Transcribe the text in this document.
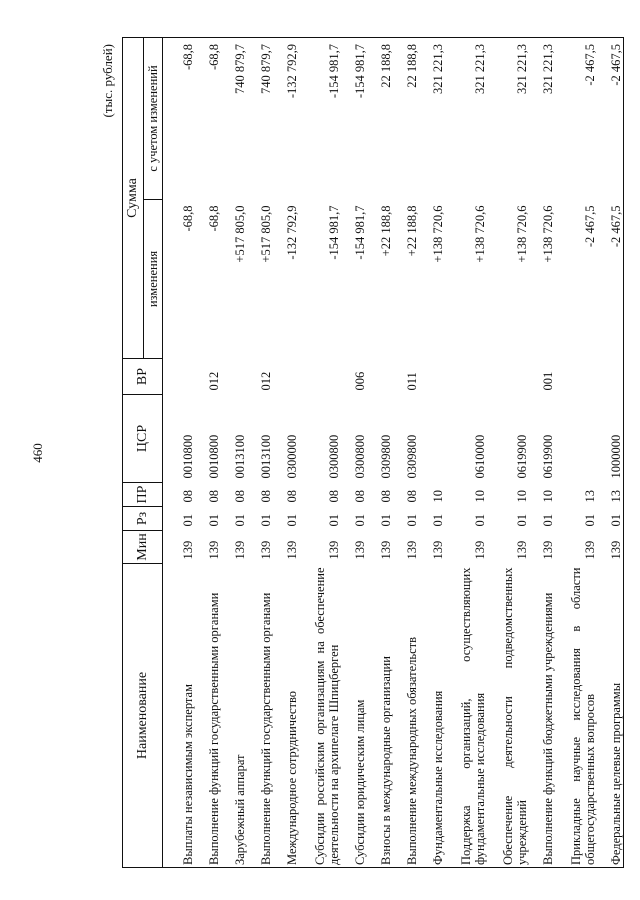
460
(тыс. рублей)
Наименование	Мин	Рз	ПР	ЦСР	ВР	Сумма	
						изменения	с учетом изменений
Выплаты независимым экспертам	139	01	08	0010800		-68,8	-68,8
Выполнение функций государственными органами	139	01	08	0010800	012	-68,8	-68,8
Зарубежный аппарат	139	01	08	0013100		+517 805,0	740 879,7
Выполнение функций государственными органами	139	01	08	0013100	012	+517 805,0	740 879,7
Международное сотрудничество	139	01	08	0300000		-132 792,9	-132 792,9
Субсидии российским организациям на обеспечение деятельности на архипелаге Шпицберген	139	01	08	0300800		-154 981,7	-154 981,7
Субсидии юридическим лицам	139	01	08	0300800	006	-154 981,7	-154 981,7
Взносы в международные организации	139	01	08	0309800		+22 188,8	22 188,8
Выполнение международных обязательств	139	01	08	0309800	011	+22 188,8	22 188,8
Фундаментальные исследования	139	01	10			+138 720,6	321 221,3
Поддержка организаций, осуществляющих фундаментальные исследования	139	01	10	0610000		+138 720,6	321 221,3
Обеспечение деятельности подведомственных учреждений	139	01	10	0619900		+138 720,6	321 221,3
Выполнение функций бюджетными учреждениями	139	01	10	0619900	001	+138 720,6	321 221,3
Прикладные научные исследования в области общегосударственных вопросов	139	01	13			-2 467,5	-2 467,5
Федеральные целевые программы	139	01	13	1000000		-2 467,5	-2 467,5
